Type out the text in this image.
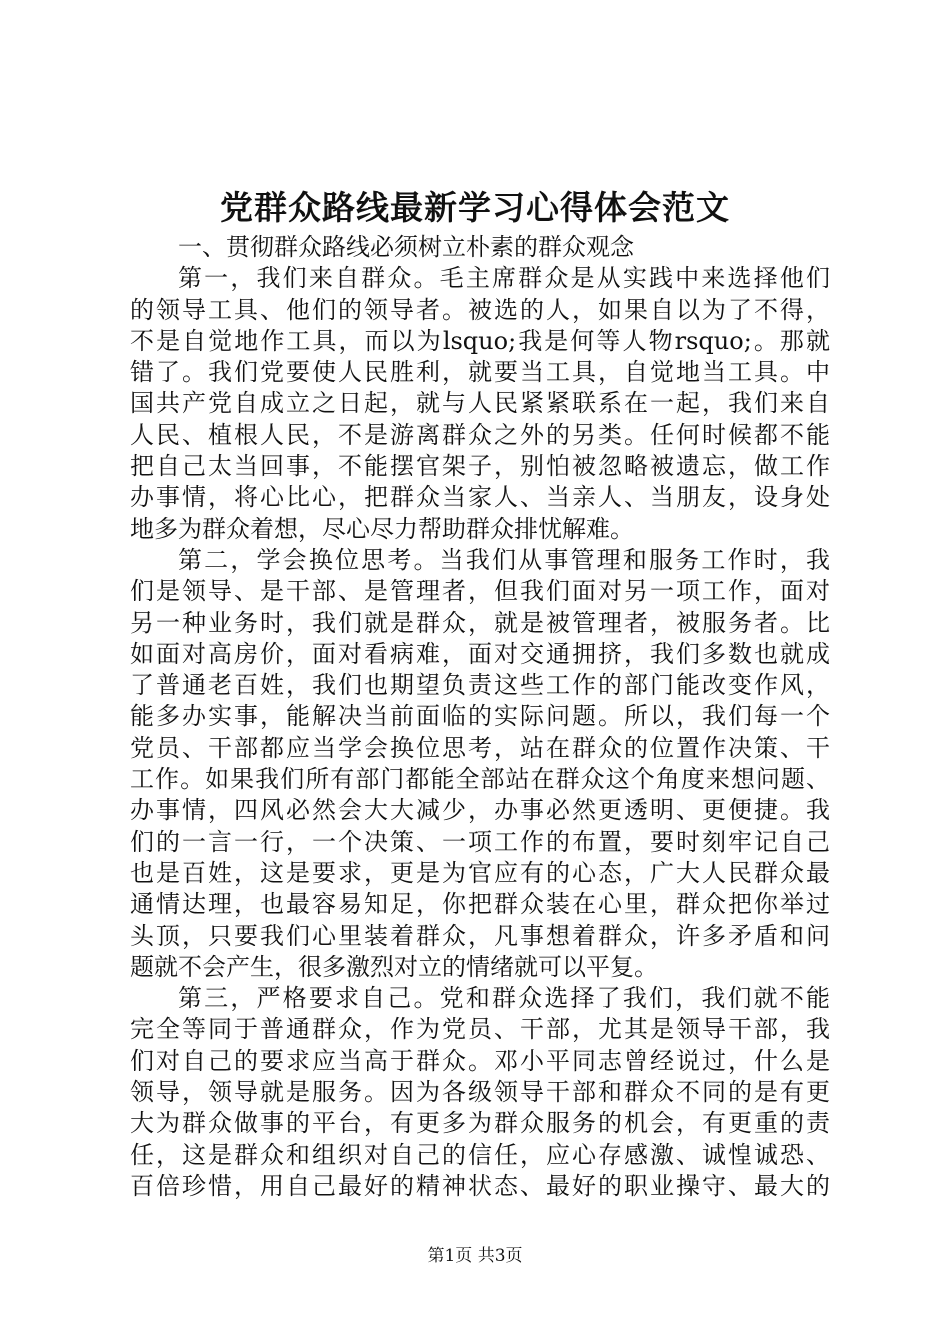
党群众路线最新学习心得体会范文
一、贯彻群众路线必须树立朴素的群众观念
第一，我们来自群众。毛主席群众是从实践中来选择他们
的领导工具、他们的领导者。被选的人，如果自以为了不得，
不是自觉地作工具，而以为lsquo;我是何等人物rsquo;。那就
错了。我们党要使人民胜利，就要当工具，自觉地当工具。中
国共产党自成立之日起，就与人民紧紧联系在一起，我们来自
人民、植根人民，不是游离群众之外的另类。任何时候都不能
把自己太当回事，不能摆官架子，别怕被忽略被遗忘，做工作
办事情，将心比心，把群众当家人、当亲人、当朋友，设身处
地多为群众着想，尽心尽力帮助群众排忧解难。
第二，学会换位思考。当我们从事管理和服务工作时，我
们是领导、是干部、是管理者，但我们面对另一项工作，面对
另一种业务时，我们就是群众，就是被管理者，被服务者。比
如面对高房价，面对看病难，面对交通拥挤，我们多数也就成
了普通老百姓，我们也期望负责这些工作的部门能改变作风，
能多办实事，能解决当前面临的实际问题。所以，我们每一个
党员、干部都应当学会换位思考，站在群众的位置作决策、干
工作。如果我们所有部门都能全部站在群众这个角度来想问题、
办事情，四风必然会大大减少，办事必然更透明、更便捷。我
们的一言一行，一个决策、一项工作的布置，要时刻牢记自己
也是百姓，这是要求，更是为官应有的心态，广大人民群众最
通情达理，也最容易知足，你把群众装在心里，群众把你举过
头顶，只要我们心里装着群众，凡事想着群众，许多矛盾和问
题就不会产生，很多激烈对立的情绪就可以平复。
第三，严格要求自己。党和群众选择了我们，我们就不能
完全等同于普通群众，作为党员、干部，尤其是领导干部，我
们对自己的要求应当高于群众。邓小平同志曾经说过，什么是
领导，领导就是服务。因为各级领导干部和群众不同的是有更
大为群众做事的平台，有更多为群众服务的机会，有更重的责
任，这是群众和组织对自己的信任，应心存感激、诚惶诚恐、
百倍珍惜，用自己最好的精神状态、最好的职业操守、最大的
第1页 共3页
